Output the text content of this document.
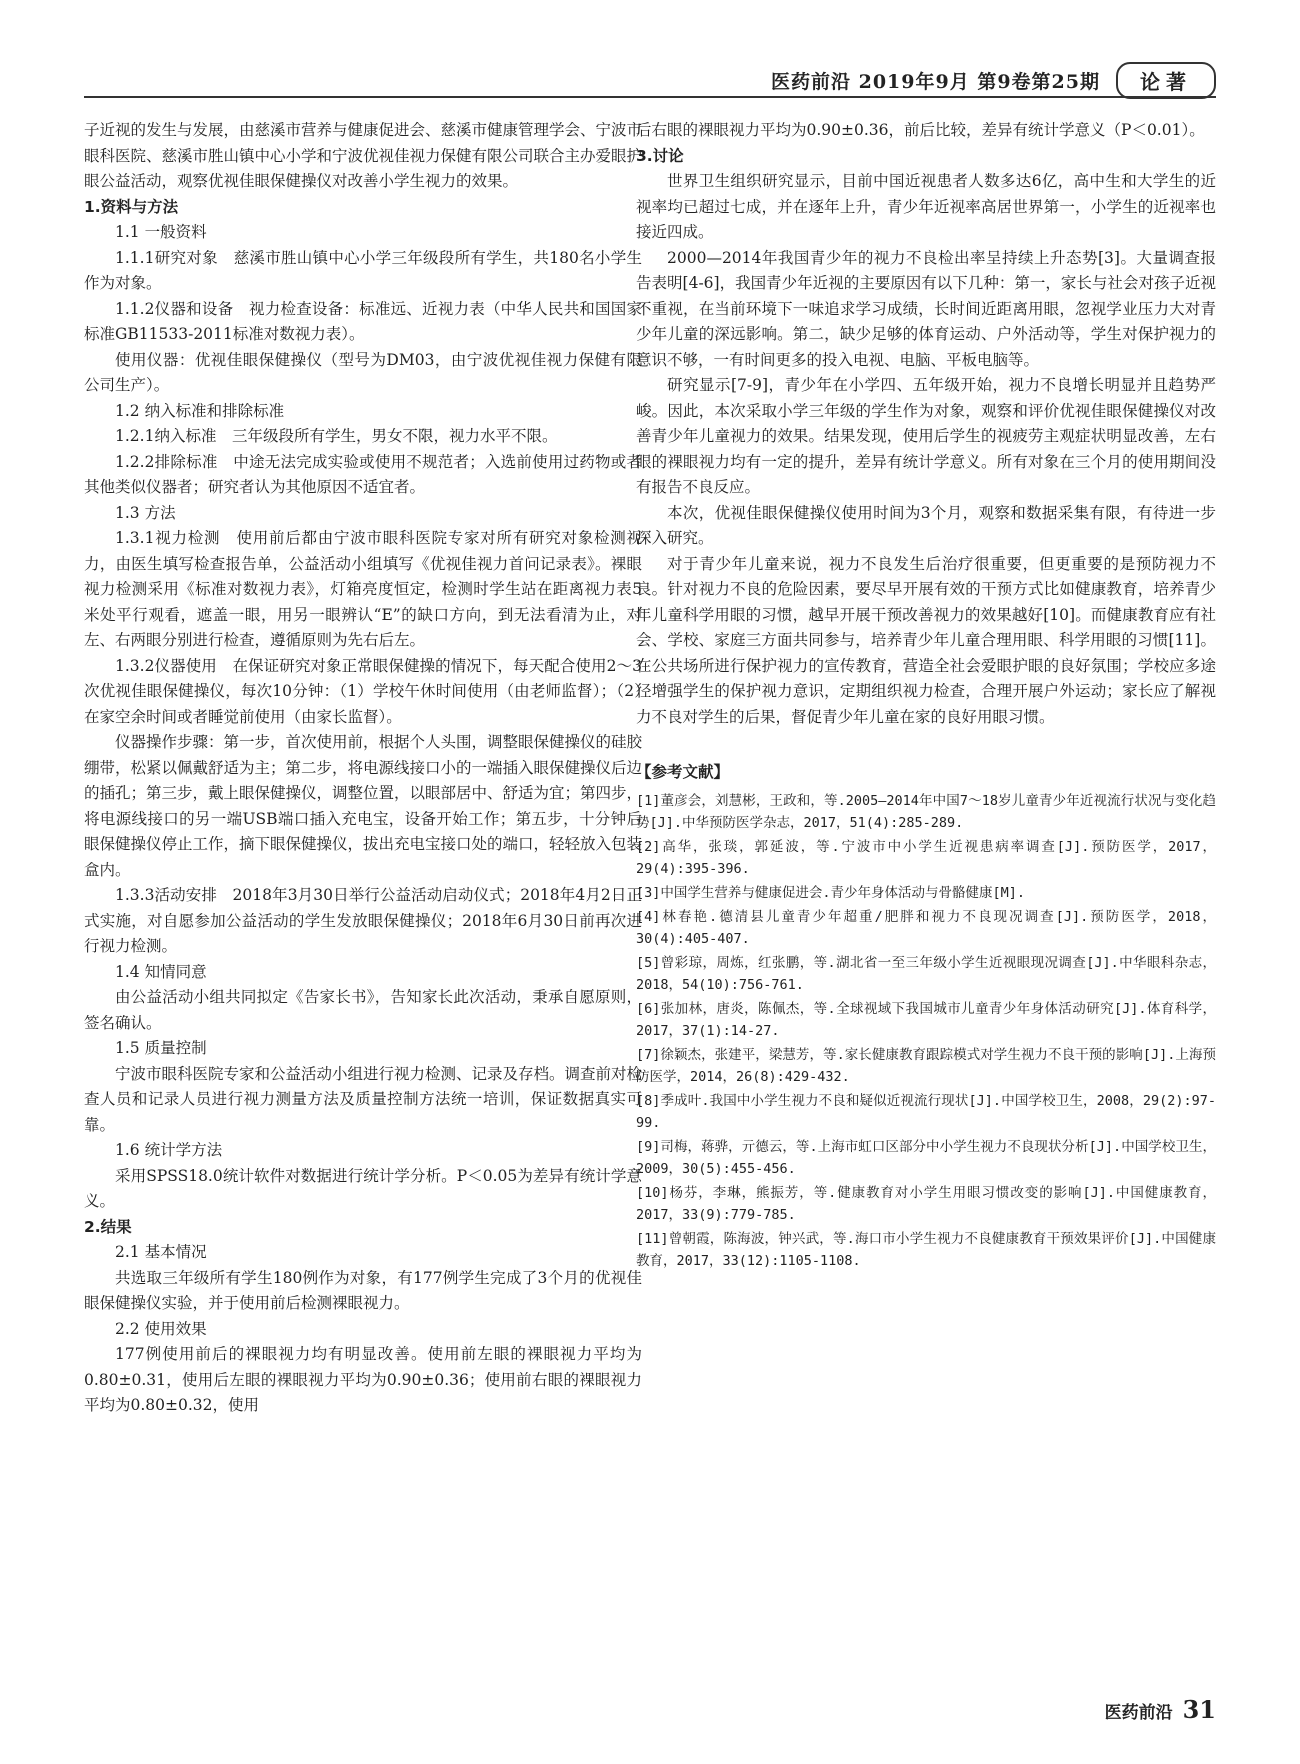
医药前沿 2019年9月 第9卷第25期	论著

子近视的发生与发展，由慈溪市营养与健康促进会、慈溪市健康管理学会、宁波市眼科医院、慈溪市胜山镇中心小学和宁波优视佳视力保健有限公司联合主办爱眼护眼公益活动，观察优视佳眼保健操仪对改善小学生视力的效果。

1.资料与方法

1.1 一般资料

1.1.1研究对象　慈溪市胜山镇中心小学三年级段所有学生，共180名小学生作为对象。

1.1.2仪器和设备　视力检查设备：标准远、近视力表（中华人民共和国国家标准GB11533-2011标准对数视力表）。

使用仪器：优视佳眼保健操仪（型号为DM03，由宁波优视佳视力保健有限公司生产）。

1.2 纳入标准和排除标准

1.2.1纳入标准　三年级段所有学生，男女不限，视力水平不限。

1.2.2排除标准　中途无法完成实验或使用不规范者；入选前使用过药物或者其他类似仪器者；研究者认为其他原因不适宜者。

1.3 方法

1.3.1视力检测　使用前后都由宁波市眼科医院专家对所有研究对象检测视力，由医生填写检查报告单，公益活动小组填写《优视佳视力首问记录表》。裸眼视力检测采用《标准对数视力表》，灯箱亮度恒定，检测时学生站在距离视力表5米处平行观看，遮盖一眼，用另一眼辨认“E”的缺口方向，到无法看清为止，对左、右两眼分别进行检查，遵循原则为先右后左。

1.3.2仪器使用　在保证研究对象正常眼保健操的情况下，每天配合使用2～3次优视佳眼保健操仪，每次10分钟：（1）学校午休时间使用（由老师监督）；（2）在家空余时间或者睡觉前使用（由家长监督）。

仪器操作步骤：第一步，首次使用前，根据个人头围，调整眼保健操仪的硅胶绷带，松紧以佩戴舒适为主；第二步，将电源线接口小的一端插入眼保健操仪后边的插孔；第三步，戴上眼保健操仪，调整位置，以眼部居中、舒适为宜；第四步，将电源线接口的另一端USB端口插入充电宝，设备开始工作；第五步，十分钟后眼保健操仪停止工作，摘下眼保健操仪，拔出充电宝接口处的端口，轻轻放入包装盒内。

1.3.3活动安排　2018年3月30日举行公益活动启动仪式；2018年4月2日正式实施，对自愿参加公益活动的学生发放眼保健操仪；2018年6月30日前再次进行视力检测。

1.4 知情同意

由公益活动小组共同拟定《告家长书》，告知家长此次活动，秉承自愿原则，签名确认。

1.5 质量控制

宁波市眼科医院专家和公益活动小组进行视力检测、记录及存档。调查前对检查人员和记录人员进行视力测量方法及质量控制方法统一培训，保证数据真实可靠。

1.6 统计学方法

采用SPSS18.0统计软件对数据进行统计学分析。P＜0.05为差异有统计学意义。

2.结果

2.1 基本情况

共选取三年级所有学生180例作为对象，有177例学生完成了3个月的优视佳眼保健操仪实验，并于使用前后检测裸眼视力。

2.2 使用效果

177例使用前后的裸眼视力均有明显改善。使用前左眼的裸眼视力平均为0.80±0.31，使用后左眼的裸眼视力平均为0.90±0.36；使用前右眼的裸眼视力平均为0.80±0.32，使用

后右眼的裸眼视力平均为0.90±0.36，前后比较，差异有统计学意义（P＜0.01）。

3.讨论

世界卫生组织研究显示，目前中国近视患者人数多达6亿，高中生和大学生的近视率均已超过七成，并在逐年上升，青少年近视率高居世界第一，小学生的近视率也接近四成。

2000—2014年我国青少年的视力不良检出率呈持续上升态势[3]。大量调查报告表明[4-6]，我国青少年近视的主要原因有以下几种：第一，家长与社会对孩子近视不重视，在当前环境下一味追求学习成绩，长时间近距离用眼，忽视学业压力大对青少年儿童的深远影响。第二，缺少足够的体育运动、户外活动等，学生对保护视力的意识不够，一有时间更多的投入电视、电脑、平板电脑等。

研究显示[7-9]，青少年在小学四、五年级开始，视力不良增长明显并且趋势严峻。因此，本次采取小学三年级的学生作为对象，观察和评价优视佳眼保健操仪对改善青少年儿童视力的效果。结果发现，使用后学生的视疲劳主观症状明显改善，左右眼的裸眼视力均有一定的提升，差异有统计学意义。所有对象在三个月的使用期间没有报告不良反应。

本次，优视佳眼保健操仪使用时间为3个月，观察和数据采集有限，有待进一步深入研究。

对于青少年儿童来说，视力不良发生后治疗很重要，但更重要的是预防视力不良。针对视力不良的危险因素，要尽早开展有效的干预方式比如健康教育，培养青少年儿童科学用眼的习惯，越早开展干预改善视力的效果越好[10]。而健康教育应有社会、学校、家庭三方面共同参与，培养青少年儿童合理用眼、科学用眼的习惯[11]。在公共场所进行保护视力的宣传教育，营造全社会爱眼护眼的良好氛围；学校应多途径增强学生的保护视力意识，定期组织视力检查，合理开展户外运动；家长应了解视力不良对学生的后果，督促青少年儿童在家的良好用眼习惯。

【参考文献】

[1]董彦会，刘慧彬，王政和，等.2005—2014年中国7～18岁儿童青少年近视流行状况与变化趋势[J].中华预防医学杂志，2017，51(4):285-289.

[2]高华，张琰，郭延波，等.宁波市中小学生近视患病率调查[J].预防医学，2017，29(4):395-396.

[3]中国学生营养与健康促进会.青少年身体活动与骨骼健康[M].

[4]林春艳.德清县儿童青少年超重/肥胖和视力不良现况调查[J].预防医学，2018，30(4):405-407.

[5]曾彩琼，周炼，红张鹏，等.湖北省一至三年级小学生近视眼现况调查[J].中华眼科杂志，2018，54(10):756-761.

[6]张加林，唐炎，陈佩杰，等.全球视域下我国城市儿童青少年身体活动研究[J].体育科学，2017，37(1):14-27.

[7]徐颖杰，张建平，梁慧芳，等.家长健康教育跟踪模式对学生视力不良干预的影响[J].上海预防医学，2014，26(8):429-432.

[8]季成叶.我国中小学生视力不良和疑似近视流行现状[J].中国学校卫生，2008，29(2):97-99.

[9]司梅，蒋骅，亓德云，等.上海市虹口区部分中小学生视力不良现状分析[J].中国学校卫生，2009，30(5):455-456.

[10]杨芬，李琳，熊振芳，等.健康教育对小学生用眼习惯改变的影响[J].中国健康教育，2017，33(9):779-785.

[11]曾朝霞，陈海波，钟兴武，等.海口市小学生视力不良健康教育干预效果评价[J].中国健康教育，2017，33(12):1105-1108.

医药前沿 31
